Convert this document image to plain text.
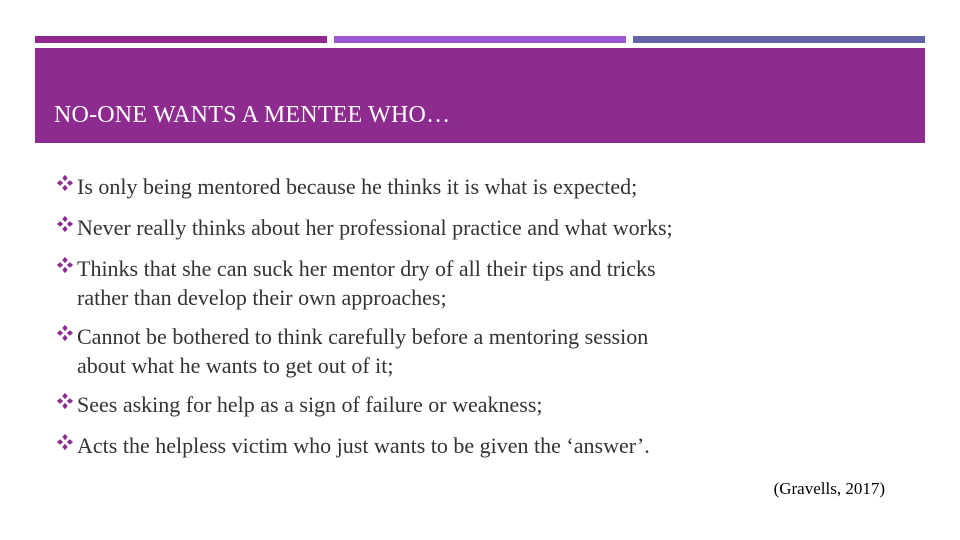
NO-ONE WANTS A MENTEE WHO…
Is only being mentored because he thinks it is what is expected;
Never really thinks about her professional practice and what works;
Thinks that she can suck her mentor dry of all their tips and tricks
rather than develop their own approaches;
Cannot be bothered to think carefully before a mentoring session
about what he wants to get out of it;
Sees asking for help as a sign of failure or weakness;
Acts the helpless victim who just wants to be given the ‘answer’.
(Gravells, 2017)
